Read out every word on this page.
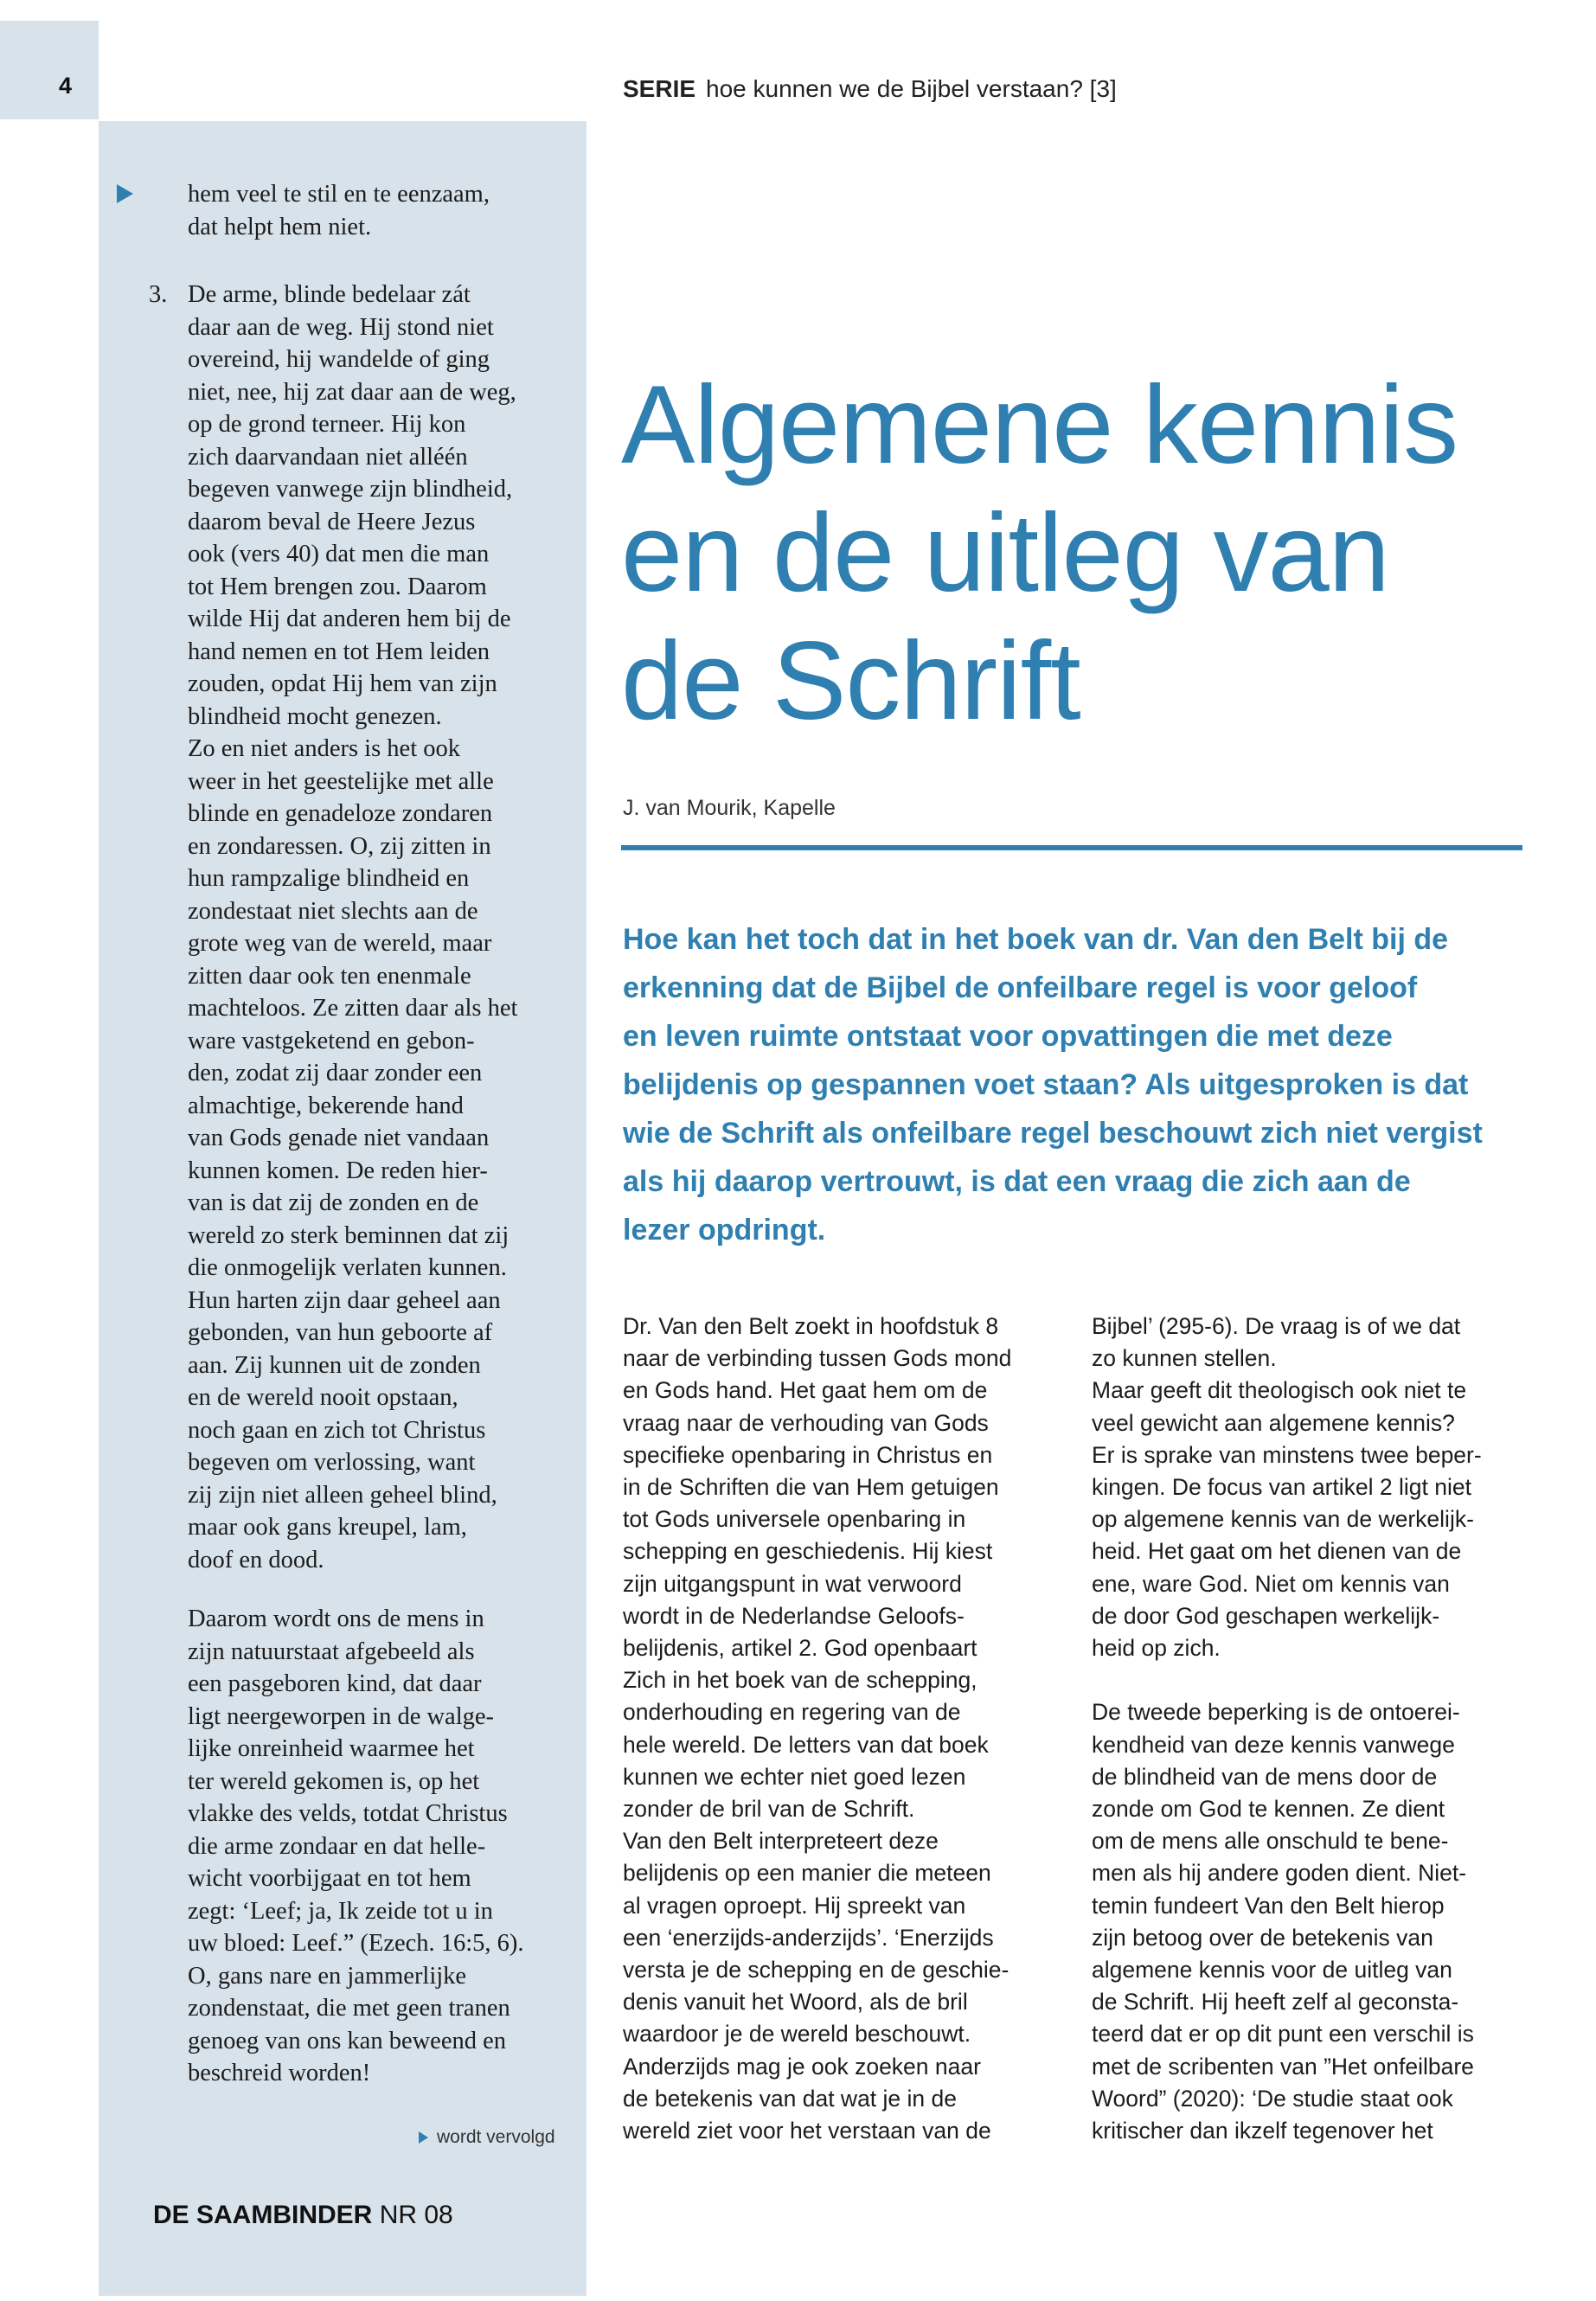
4

hem veel te stil en te eenzaam,
dat helpt hem niet.

3. De arme, blinde bedelaar zát
daar aan de weg. Hij stond niet
overeind, hij wandelde of ging
niet, nee, hij zat daar aan de weg,
op de grond terneer. Hij kon
zich daarvandaan niet alléén
begeven vanwege zijn blindheid,
daarom beval de Heere Jezus
ook (vers 40) dat men die man
tot Hem brengen zou. Daarom
wilde Hij dat anderen hem bij de
hand nemen en tot Hem leiden
zouden, opdat Hij hem van zijn
blindheid mocht genezen.
Zo en niet anders is het ook
weer in het geestelijke met alle
blinde en genadeloze zondaren
en zondaressen. O, zij zitten in
hun rampzalige blindheid en
zondestaat niet slechts aan de
grote weg van de wereld, maar
zitten daar ook ten enenmale
machteloos. Ze zitten daar als het
ware vastgeketend en gebon-
den, zodat zij daar zonder een
almachtige, bekerende hand
van Gods genade niet vandaan
kunnen komen. De reden hier-
van is dat zij de zonden en de
wereld zo sterk beminnen dat zij
die onmogelijk verlaten kunnen.
Hun harten zijn daar geheel aan
gebonden, van hun geboorte af
aan. Zij kunnen uit de zonden
en de wereld nooit opstaan,
noch gaan en zich tot Christus
begeven om verlossing, want
zij zijn niet alleen geheel blind,
maar ook gans kreupel, lam,
doof en dood.

Daarom wordt ons de mens in
zijn natuurstaat afgebeeld als
een pasgeboren kind, dat daar
ligt neergeworpen in de walge-
lijke onreinheid waarmee het
ter wereld gekomen is, op het
vlakke des velds, totdat Christus
die arme zondaar en dat helle-
wicht voorbijgaat en tot hem
zegt: ‘Leef; ja, Ik zeide tot u in
uw bloed: Leef.” (Ezech. 16:5, 6).
O, gans nare en jammerlijke
zondenstaat, die met geen tranen
genoeg van ons kan beweend en
beschreid worden!

wordt vervolgd
DE SAAMBINDER NR 08
SERIE hoe kunnen we de Bijbel verstaan? [3]
Algemene kennis
en de uitleg van
de Schrift
J. van Mourik, Kapelle

Hoe kan het toch dat in het boek van dr. Van den Belt bij de
erkenning dat de Bijbel de onfeilbare regel is voor geloof
en leven ruimte ontstaat voor opvattingen die met deze
belijdenis op gespannen voet staan? Als uitgesproken is dat
wie de Schrift als onfeilbare regel beschouwt zich niet vergist
als hij daarop vertrouwt, is dat een vraag die zich aan de
lezer opdringt.

Dr. Van den Belt zoekt in hoofdstuk 8
naar de verbinding tussen Gods mond
en Gods hand. Het gaat hem om de
vraag naar de verhouding van Gods
specifieke openbaring in Christus en
in de Schriften die van Hem getuigen
tot Gods universele openbaring in
schepping en geschiedenis. Hij kiest
zijn uitgangspunt in wat verwoord
wordt in de Nederlandse Geloofs-
belijdenis, artikel 2. God openbaart
Zich in het boek van de schepping,
onderhouding en regering van de
hele wereld. De letters van dat boek
kunnen we echter niet goed lezen
zonder de bril van de Schrift.
Van den Belt interpreteert deze
belijdenis op een manier die meteen
al vragen oproept. Hij spreekt van
een ‘enerzijds-anderzijds’. ‘Enerzijds
versta je de schepping en de geschie-
denis vanuit het Woord, als de bril
waardoor je de wereld beschouwt.
Anderzijds mag je ook zoeken naar
de betekenis van dat wat je in de
wereld ziet voor het verstaan van de

Bijbel’ (295-6). De vraag is of we dat
zo kunnen stellen.
Maar geeft dit theologisch ook niet te
veel gewicht aan algemene kennis?
Er is sprake van minstens twee beper-
kingen. De focus van artikel 2 ligt niet
op algemene kennis van de werkelijk-
heid. Het gaat om het dienen van de
ene, ware God. Niet om kennis van
de door God geschapen werkelijk-
heid op zich.

De tweede beperking is de ontoerei-
kendheid van deze kennis vanwege
de blindheid van de mens door de
zonde om God te kennen. Ze dient
om de mens alle onschuld te bene-
men als hij andere goden dient. Niet-
temin fundeert Van den Belt hierop
zijn betoog over de betekenis van
algemene kennis voor de uitleg van
de Schrift. Hij heeft zelf al geconsta-
teerd dat er op dit punt een verschil is
met de scribenten van ”Het onfeilbare
Woord” (2020): ‘De studie staat ook
kritischer dan ikzelf tegenover het
